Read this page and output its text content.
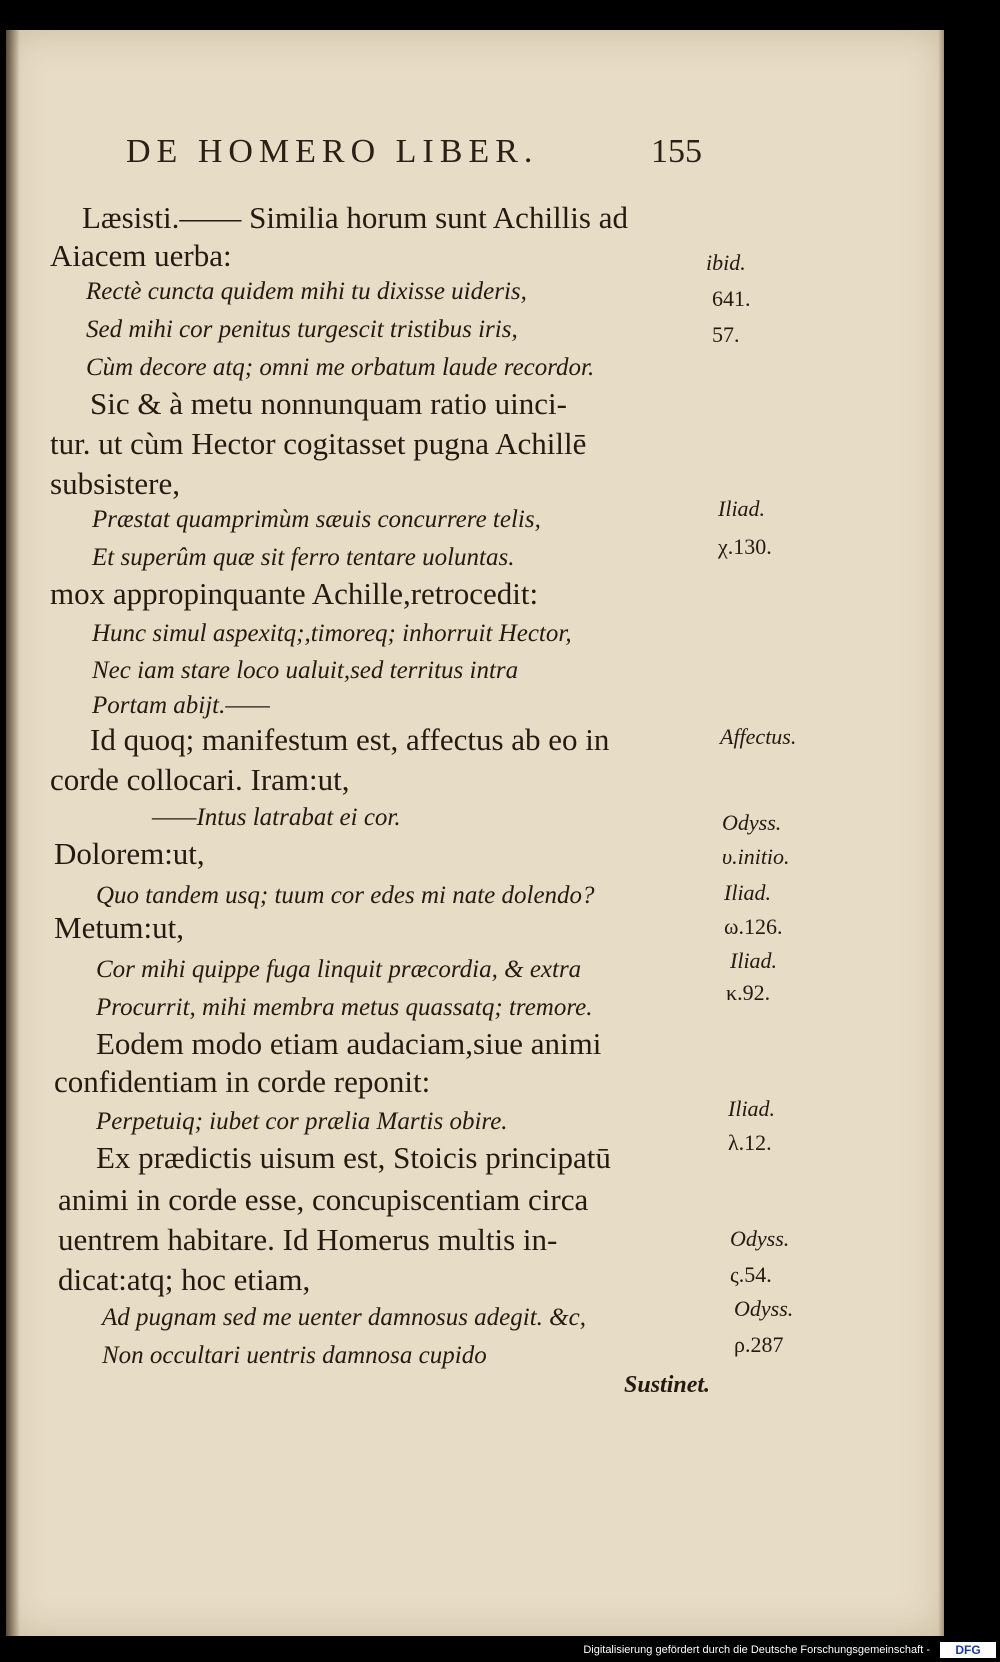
DE HOMERO LIBER.	155
Læsisti.—— Similia horum sunt Achillis ad
Aiacem uerba:
Rectè cuncta quidem mihi tu dixisse uideris,
Sed mihi cor penitus turgescit tristibus iris,
Cùm decore atq; omni me orbatum laude recordor.
Sic & à metu nonnunquam ratio uinci-
tur. ut cùm Hector cogitasset pugna Achillē
subsistere,
Præstat quamprimùm sæuis concurrere telis,
Et superûm quæ sit ferro tentare uoluntas.
mox appropinquante Achille,retrocedit:
Hunc simul aspexitq;,timoreq; inhorruit Hector,
Nec iam stare loco ualuit,sed territus intra
Portam abijt.——
Id quoq; manifestum est, affectus ab eo in
corde collocari. Iram:ut,
——Intus latrabat ei cor.
Dolorem:ut,
Quo tandem usq; tuum cor edes mi nate dolendo?
Metum:ut,
Cor mihi quippe fuga linquit præcordia, & extra
Procurrit, mihi membra metus quassatq; tremore.
Eodem modo etiam audaciam,siue animi
confidentiam in corde reponit:
Perpetuiq; iubet cor prælia Martis obire.
Ex prædictis uisum est, Stoicis principatū
animi in corde esse, concupiscentiam circa
uentrem habitare. Id Homerus multis in-
dicat:atq; hoc etiam,
Ad pugnam sed me uenter damnosus adegit. &c,
Non occultari uentris damnosa cupido
ibid.
641.
57.
Iliad.
χ.130.
Affectus.
Odyss.
υ.initio.
Iliad.
ω.126.
Iliad.
κ.92.
Iliad.
λ.12.
Odyss.
ς.54.
Odyss.
ρ.287
Sustinet.
Digitalisierung gefördert durch die Deutsche Forschungsgemeinschaft -	DFG
